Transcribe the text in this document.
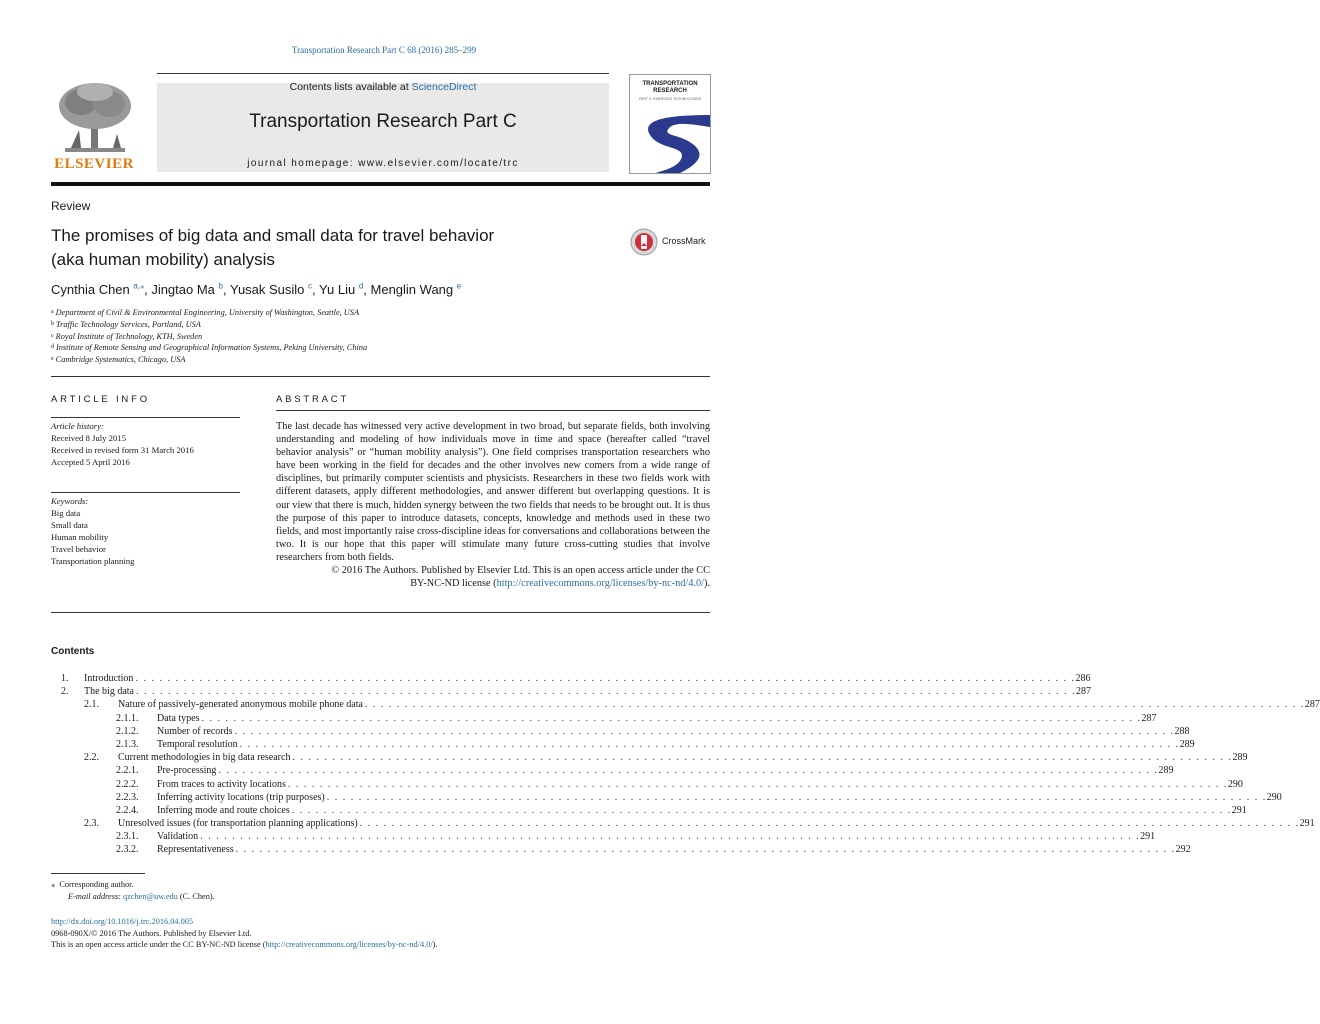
Transportation Research Part C 68 (2016) 285–299
Contents lists available at ScienceDirect
Transportation Research Part C
journal homepage: www.elsevier.com/locate/trc
ELSEVIER
TRANSPORTATION
RESEARCH
PART C: EMERGING TECHNOLOGIES
Review
The promises of big data and small data for travel behavior
(aka human mobility) analysis
CrossMark
Cynthia Chen $^{a,⁎}$, Jingtao Ma $^b$, Yusak Susilo $^c$, Yu Liu $^d$, Menglin Wang $^e$
$^a$ Department of Civil & Environmental Engineering, University of Washington, Seattle, USA
$^b$ Traffic Technology Services, Portland, USA
$^c$ Royal Institute of Technology, KTH, Sweden
$^d$ Institute of Remote Sensing and Geographical Information Systems, Peking University, China
$^e$ Cambridge Systematics, Chicago, USA
ARTICLE INFO	ABSTRACT
Article history:
Received 8 July 2015
Received in revised form 31 March 2016
Accepted 5 April 2016
Keywords:
Big data
Small data
Human mobility
Travel behavior
Transportation planning

The last decade has witnessed very active development in two broad, but separate fields, both involving understanding and modeling of how individuals move in time and space (hereafter called “travel behavior analysis” or “human mobility analysis”). One field comprises transportation researchers who have been working in the field for decades and the other involves new comers from a wide range of disciplines, but primarily computer scientists and physicists. Researchers in these two fields work with different datasets, apply different methodologies, and answer different but overlapping questions. It is our view that there is much, hidden synergy between the two fields that needs to be brought out. It is thus the purpose of this paper to introduce datasets, concepts, knowledge and methods used in these two fields, and most importantly raise cross-discipline ideas for conversations and collaborations between the two. It is our hope that this paper will stimulate many future cross-cutting studies that involve researchers from both fields.

© 2016 The Authors. Published by Elsevier Ltd. This is an open access article under the CC
BY-NC-ND license (http://creativecommons.org/licenses/by-nc-nd/4.0/).

Contents
1. Introduction . . . . . . . . . . . . . . . . . . . . . . . . . . . . . . . . . . . . . . . . . . . . . . . . . . . . . . . . . . . . . . . . . . . . . . . . . . . . . . . . . . . . . . . . . . . . . . . . . . . . . . . . . . . . . . . . . . . . . . 286
2. The big data . . . . . . . . . . . . . . . . . . . . . . . . . . . . . . . . . . . . . . . . . . . . . . . . . . . . . . . . . . . . . . . . . . . . . . . . . . . . . . . . . . . . . . . . . . . . . . . . . . . . . . . . . . . . . . . . . . . . . . 287
2.1. Nature of passively-generated anonymous mobile phone data . . . . . . . . . . . . . . . . . . . . . . . . . . . . . . . . . . . . . . . . . . . . . . . . . . . . . . . . . . . . . . . . . . . . . . . . . . . . . . . . . . . . . . . . . . . . . . . . . . . . . . . . . . . . . . . . . . . . . . 287
2.1.1. Data types . . . . . . . . . . . . . . . . . . . . . . . . . . . . . . . . . . . . . . . . . . . . . . . . . . . . . . . . . . . . . . . . . . . . . . . . . . . . . . . . . . . . . . . . . . . . . . . . . . . . . . . . . . . . . . . . . . . . . . 287
2.1.2. Number of records . . . . . . . . . . . . . . . . . . . . . . . . . . . . . . . . . . . . . . . . . . . . . . . . . . . . . . . . . . . . . . . . . . . . . . . . . . . . . . . . . . . . . . . . . . . . . . . . . . . . . . . . . . . . . . . . . . . . . . 288
2.1.3. Temporal resolution . . . . . . . . . . . . . . . . . . . . . . . . . . . . . . . . . . . . . . . . . . . . . . . . . . . . . . . . . . . . . . . . . . . . . . . . . . . . . . . . . . . . . . . . . . . . . . . . . . . . . . . . . . . . . . . . . . . . . . 289
2.2. Current methodologies in big data research . . . . . . . . . . . . . . . . . . . . . . . . . . . . . . . . . . . . . . . . . . . . . . . . . . . . . . . . . . . . . . . . . . . . . . . . . . . . . . . . . . . . . . . . . . . . . . . . . . . . . . . . . . . . . . . . . . . . . . 289
2.2.1. Pre-processing . . . . . . . . . . . . . . . . . . . . . . . . . . . . . . . . . . . . . . . . . . . . . . . . . . . . . . . . . . . . . . . . . . . . . . . . . . . . . . . . . . . . . . . . . . . . . . . . . . . . . . . . . . . . . . . . . . . . . . 289
2.2.2. From traces to activity locations . . . . . . . . . . . . . . . . . . . . . . . . . . . . . . . . . . . . . . . . . . . . . . . . . . . . . . . . . . . . . . . . . . . . . . . . . . . . . . . . . . . . . . . . . . . . . . . . . . . . . . . . . . . . . . . . . . . . . . 290
2.2.3. Inferring activity locations (trip purposes) . . . . . . . . . . . . . . . . . . . . . . . . . . . . . . . . . . . . . . . . . . . . . . . . . . . . . . . . . . . . . . . . . . . . . . . . . . . . . . . . . . . . . . . . . . . . . . . . . . . . . . . . . . . . . . . . . . . . . . 290
2.2.4. Inferring mode and route choices . . . . . . . . . . . . . . . . . . . . . . . . . . . . . . . . . . . . . . . . . . . . . . . . . . . . . . . . . . . . . . . . . . . . . . . . . . . . . . . . . . . . . . . . . . . . . . . . . . . . . . . . . . . . . . . . . . . . . . 291
2.3. Unresolved issues (for transportation planning applications) . . . . . . . . . . . . . . . . . . . . . . . . . . . . . . . . . . . . . . . . . . . . . . . . . . . . . . . . . . . . . . . . . . . . . . . . . . . . . . . . . . . . . . . . . . . . . . . . . . . . . . . . . . . . . . . . . . . . . . 291
2.3.1. Validation . . . . . . . . . . . . . . . . . . . . . . . . . . . . . . . . . . . . . . . . . . . . . . . . . . . . . . . . . . . . . . . . . . . . . . . . . . . . . . . . . . . . . . . . . . . . . . . . . . . . . . . . . . . . . . . . . . . . . . 291
2.3.2. Representativeness . . . . . . . . . . . . . . . . . . . . . . . . . . . . . . . . . . . . . . . . . . . . . . . . . . . . . . . . . . . . . . . . . . . . . . . . . . . . . . . . . . . . . . . . . . . . . . . . . . . . . . . . . . . . . . . . . . . . . . 292
⁎ Corresponding author.
E-mail address: qzchen@uw.edu (C. Chen).
http://dx.doi.org/10.1016/j.trc.2016.04.005
0968-090X/© 2016 The Authors. Published by Elsevier Ltd.
This is an open access article under the CC BY-NC-ND license (http://creativecommons.org/licenses/by-nc-nd/4.0/).
